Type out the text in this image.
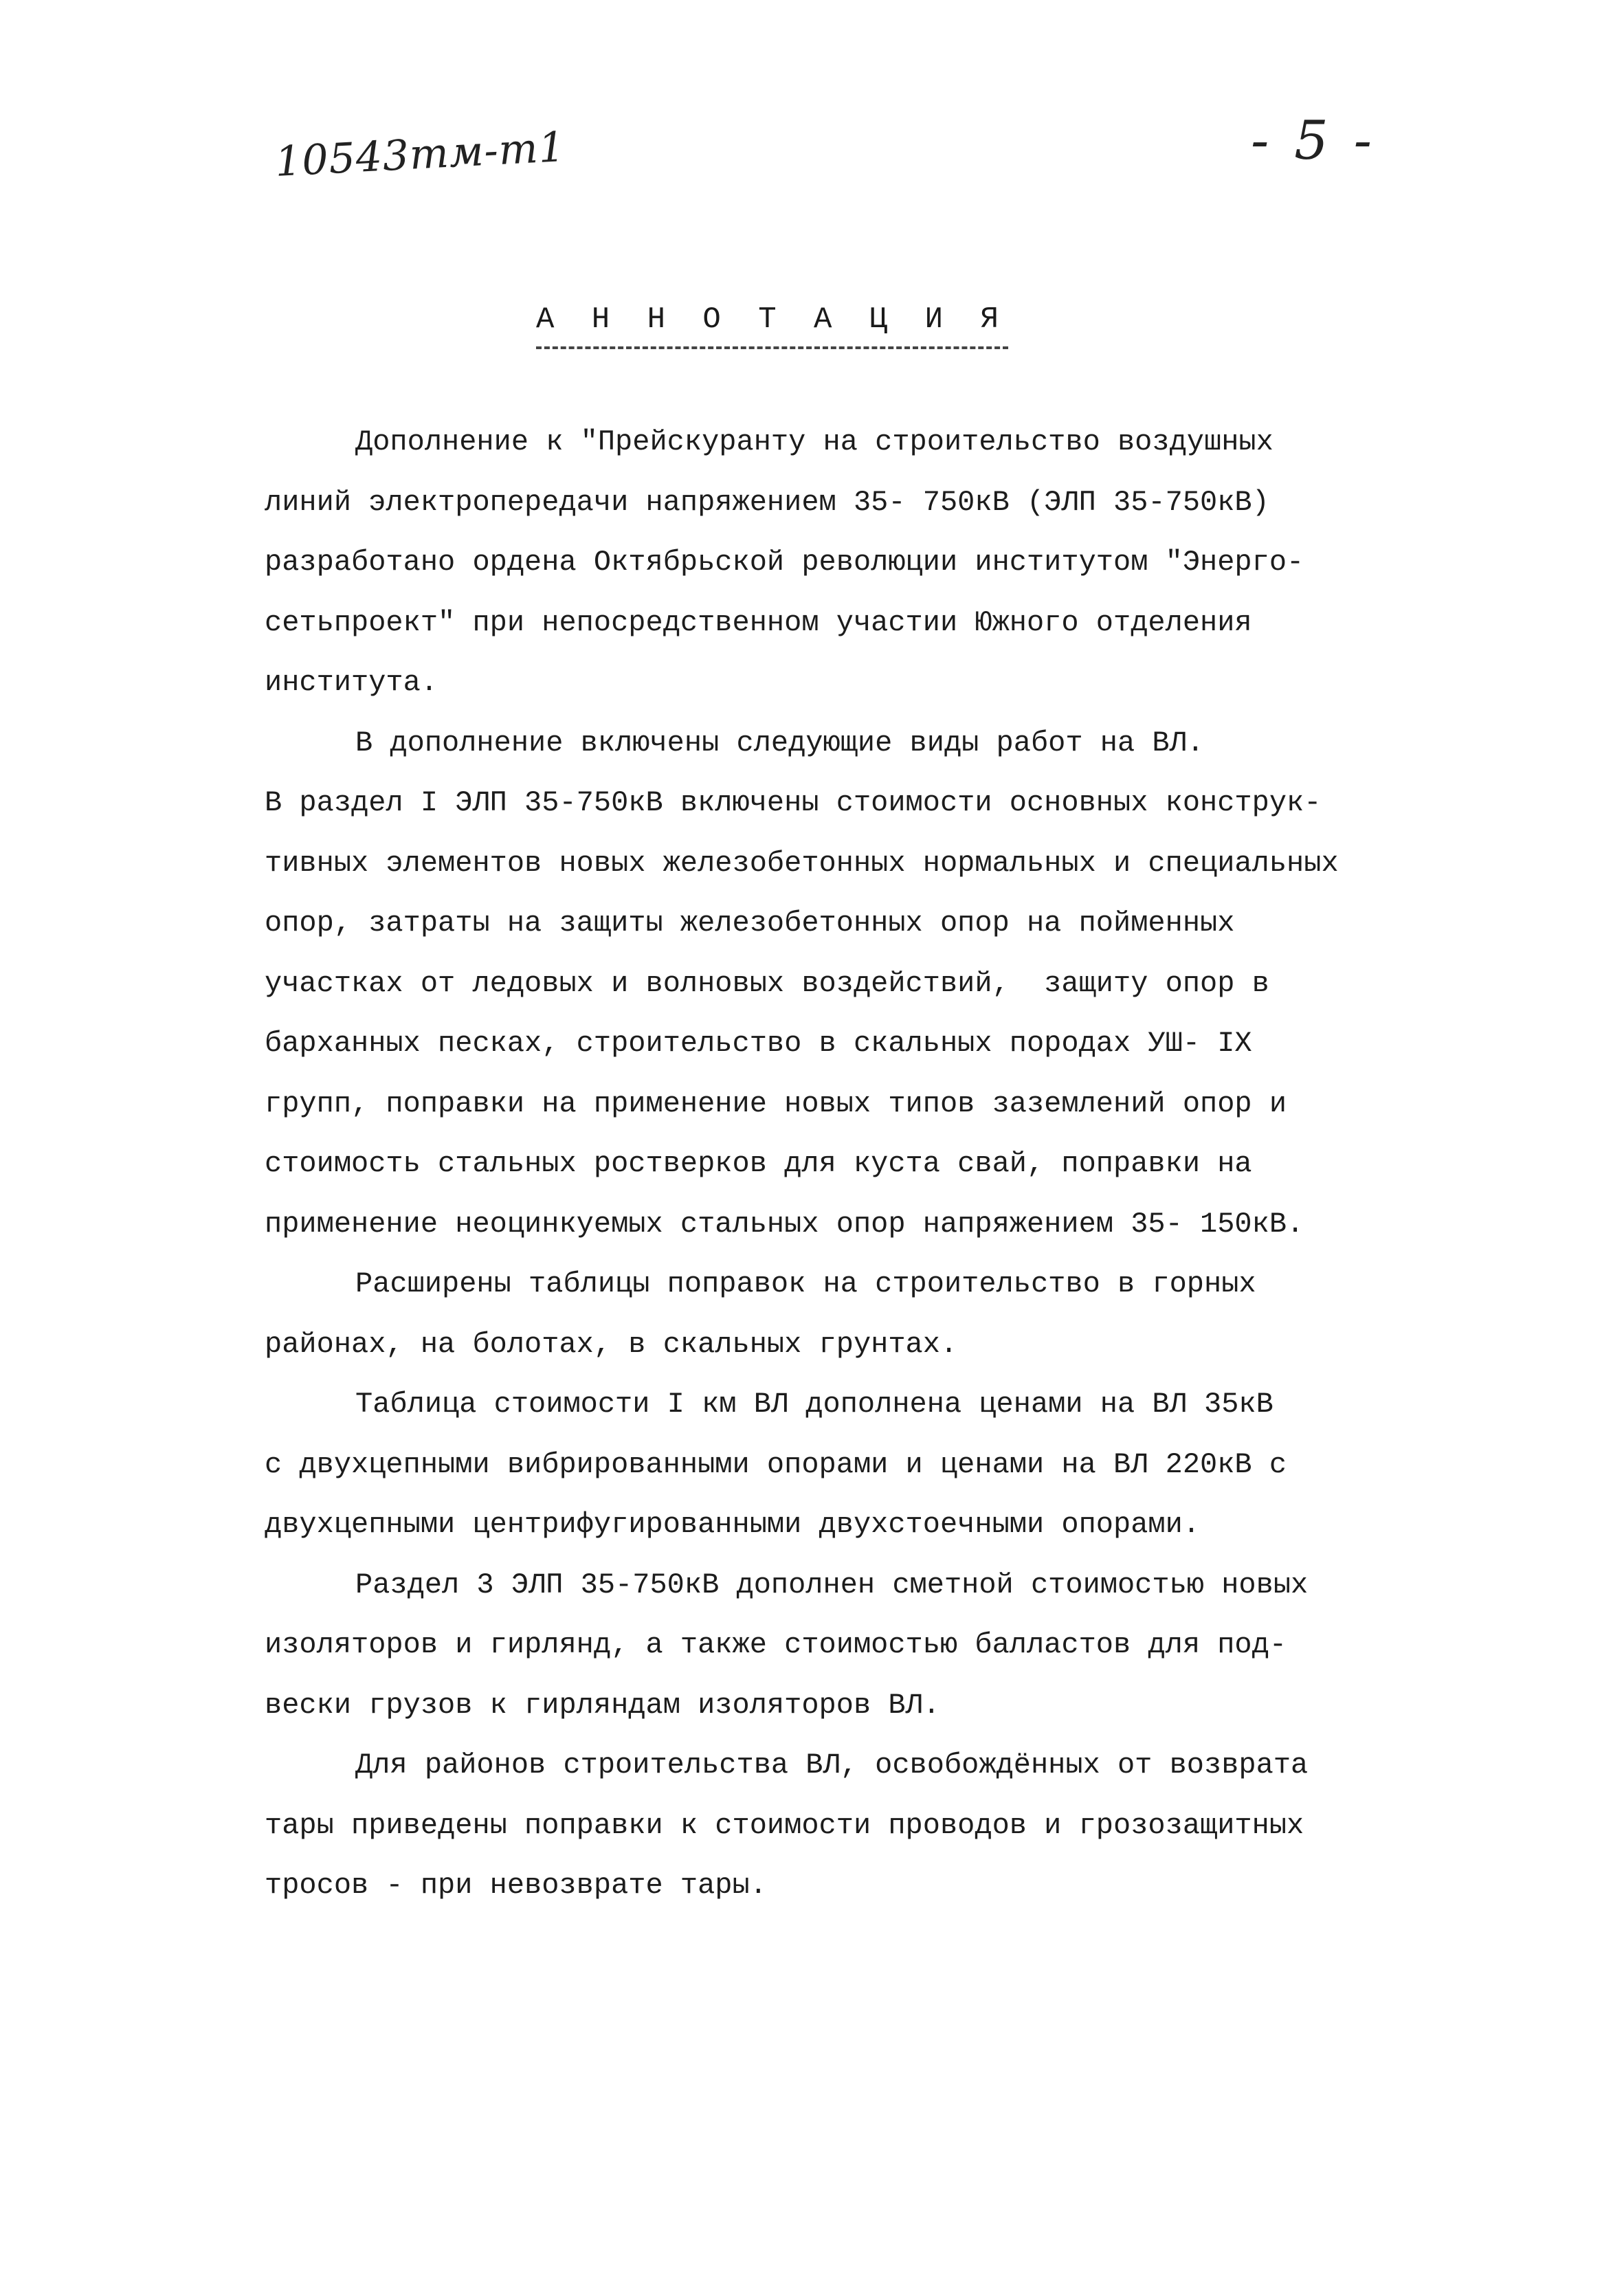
10543тм-т1	- 5 -
А Н Н О Т А Ц И Я
Дополнение к "Прейскуранту на строительство воздушных
линий электропередачи напряжением 35- 750кВ (ЭЛП 35-750кВ)
разработано ордена Октябрьской революции институтом "Энерго-
сетьпроект" при непосредственном участии Южного отделения
института.
В дополнение включены следующие виды работ на ВЛ.
В раздел I ЭЛП 35-750кВ включены стоимости основных конструк-
тивных элементов новых железобетонных нормальных и специальных
опор, затраты на защиты железобетонных опор на пойменных
участках от ледовых и волновых воздействий,  защиту опор в
барханных песках, строительство в скальных породах УШ- IX
групп, поправки на применение новых типов заземлений опор и
стоимость стальных ростверков для куста свай, поправки на
применение неоцинкуемых стальных опор напряжением 35- 150кВ.
Расширены таблицы поправок на строительство в горных
районах, на болотах, в скальных грунтах.
Таблица стоимости I км ВЛ дополнена ценами на ВЛ 35кВ
с двухцепными вибрированными опорами и ценами на ВЛ 220кВ с
двухцепными центрифугированными двухстоечными опорами.
Раздел 3 ЭЛП 35-750кВ дополнен сметной стоимостью новых
изоляторов и гирлянд, а также стоимостью балластов для под-
вески грузов к гирляндам изоляторов ВЛ.
Для районов строительства ВЛ, освобождённых от возврата
тары приведены поправки к стоимости проводов и грозозащитных
тросов - при невозврате тары.
